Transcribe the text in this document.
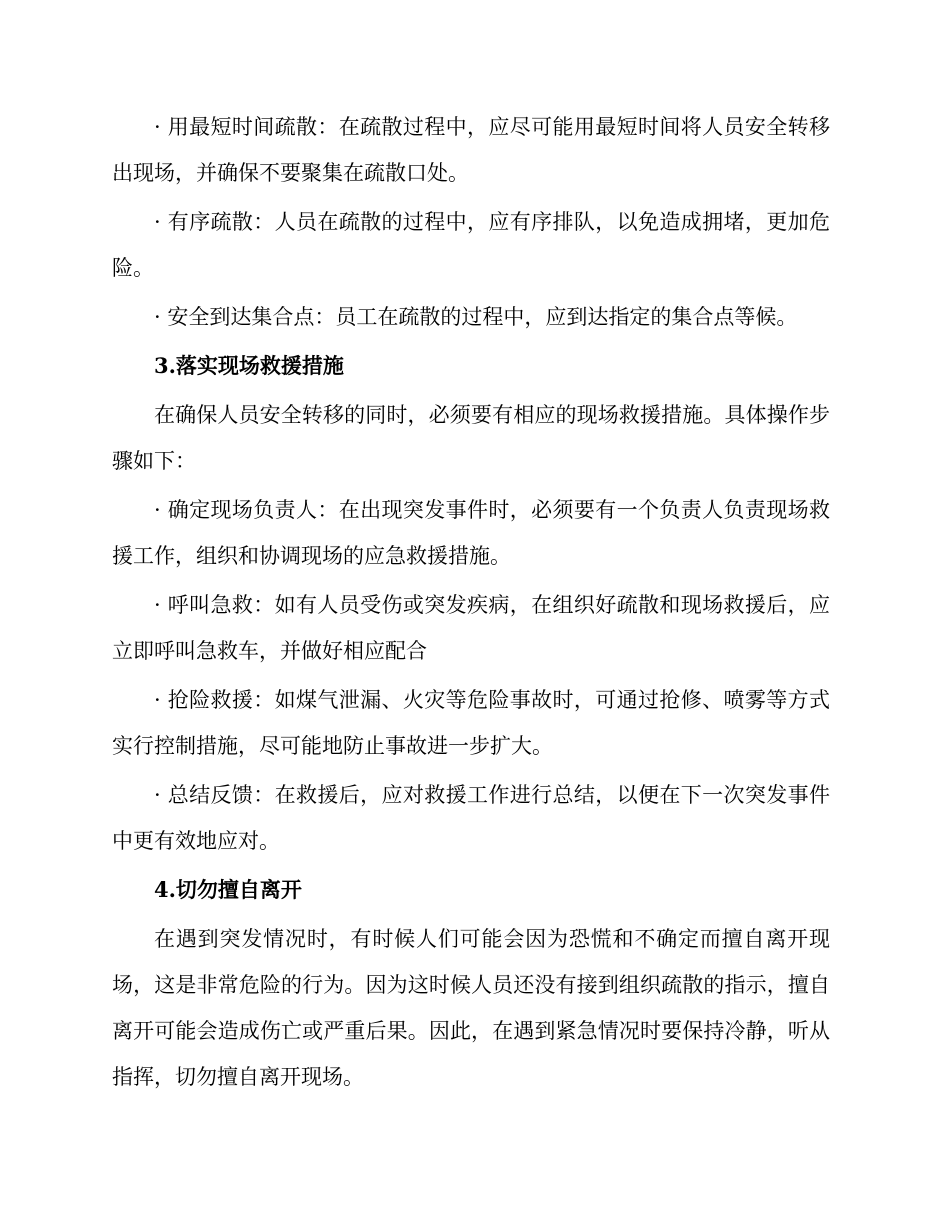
· 用最短时间疏散：在疏散过程中，应尽可能用最短时间将人员安全转移出现场，并确保不要聚集在疏散口处。

· 有序疏散：人员在疏散的过程中，应有序排队，以免造成拥堵，更加危险。

· 安全到达集合点：员工在疏散的过程中，应到达指定的集合点等候。

3.落实现场救援措施

在确保人员安全转移的同时，必须要有相应的现场救援措施。具体操作步骤如下：

· 确定现场负责人：在出现突发事件时，必须要有一个负责人负责现场救援工作，组织和协调现场的应急救援措施。

· 呼叫急救：如有人员受伤或突发疾病，在组织好疏散和现场救援后，应立即呼叫急救车，并做好相应配合

· 抢险救援：如煤气泄漏、火灾等危险事故时，可通过抢修、喷雾等方式实行控制措施，尽可能地防止事故进一步扩大。

· 总结反馈：在救援后，应对救援工作进行总结，以便在下一次突发事件中更有效地应对。

4.切勿擅自离开

在遇到突发情况时，有时候人们可能会因为恐慌和不确定而擅自离开现场，这是非常危险的行为。因为这时候人员还没有接到组织疏散的指示，擅自离开可能会造成伤亡或严重后果。因此，在遇到紧急情况时要保持冷静，听从指挥，切勿擅自离开现场。
